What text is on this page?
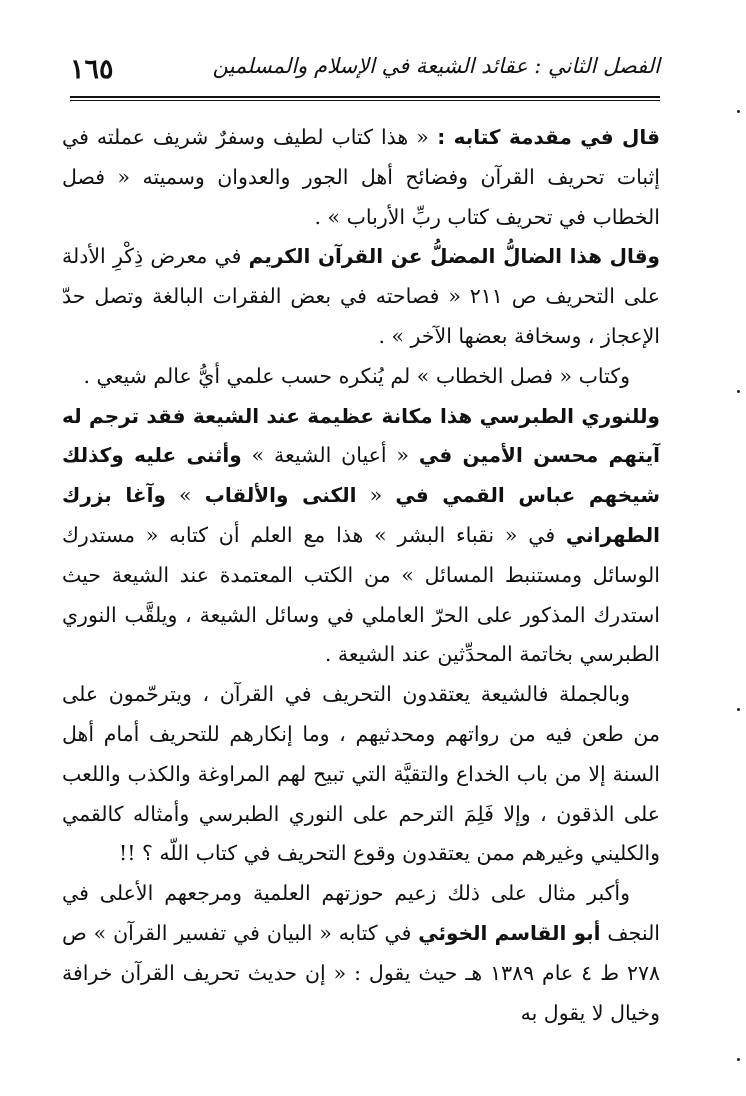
١٦٥	الفصل الثاني : عقائد الشيعة في الإسلام والمسلمين

قال في مقدمة كتابه : « هذا كتاب لطيف وسفرٌ شريف عملته في إثبات تحريف القرآن وفضائح أهل الجور والعدوان وسميته « فصل الخطاب في تحريف كتاب ربِّ الأرباب » .

وقال هذا الضالُّ المضلُّ عن القرآن الكريم في معرض ذِكْرِ الأدلة على التحريف ص ٢١١ « فصاحته في بعض الفقرات البالغة وتصل حدّ الإعجاز ، وسخافة بعضها الآخر » .

وكتاب « فصل الخطاب » لم يُنكره حسب علمي أيُّ عالم شيعي .

وللنوري الطبرسي هذا مكانة عظيمة عند الشيعة فقد ترجم له آيتهم محسن الأمين في « أعيان الشيعة » وأثنى عليه وكذلك شيخهم عباس القمي في « الكنى والألقاب » وآغا بزرك الطهراني في « نقباء البشر » هذا مع العلم أن كتابه « مستدرك الوسائل ومستنبط المسائل » من الكتب المعتمدة عند الشيعة حيث استدرك المذكور على الحرّ العاملي في وسائل الشيعة ، ويلقَّب النوري الطبرسي بخاتمة المحدِّثين عند الشيعة .

وبالجملة فالشيعة يعتقدون التحريف في القرآن ، ويترحّمون على من طعن فيه من رواتهم ومحدثيهم ، وما إنكارهم للتحريف أمام أهل السنة إلا من باب الخداع والتقيَّة التي تبيح لهم المراوغة والكذب واللعب على الذقون ، وإلا فَلِمَ الترحم على النوري الطبرسي وأمثاله كالقمي والكليني وغيرهم ممن يعتقدون وقوع التحريف في كتاب اللّه ؟ !!

وأكبر مثال على ذلك زعيم حوزتهم العلمية ومرجعهم الأعلى في النجف أبو القاسم الخوئي في كتابه « البيان في تفسير القرآن » ص ٢٧٨ ط ٤ عام ١٣٨٩ هـ حيث يقول : « إن حديث تحريف القرآن خرافة وخيال لا يقول به
